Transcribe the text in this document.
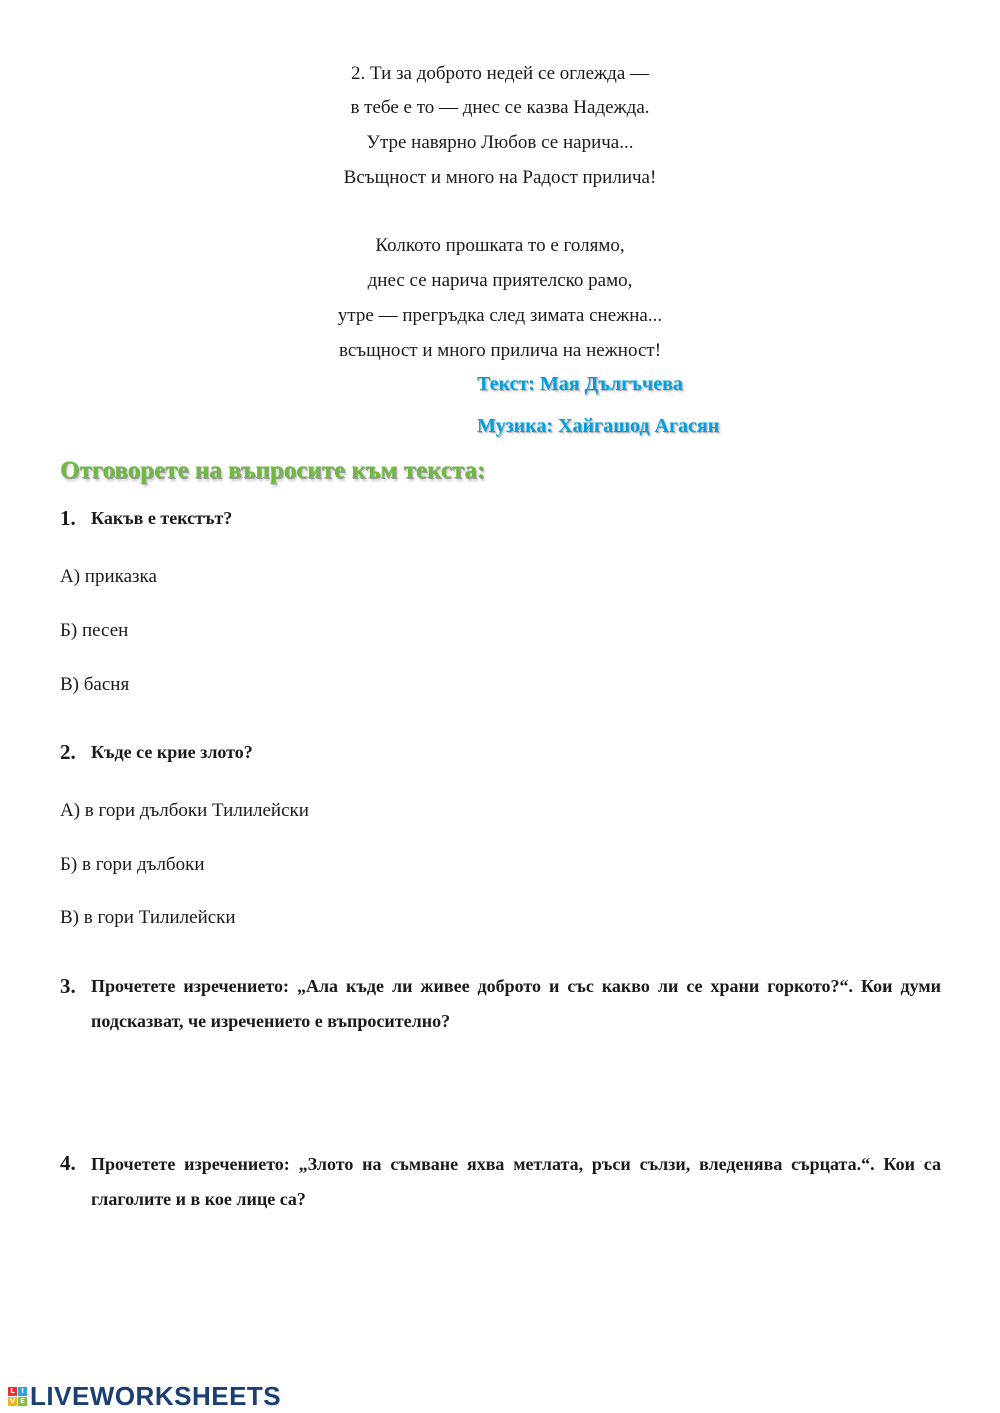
2. Ти за доброто недей се оглежда —
в тебе е то — днес се казва Надежда.
Утре навярно Любов се нарича...
Всъщност и много на Радост прилича!
Колкото прошката то е голямо,
днес се нарича приятелско рамо,
утре — прегръдка след зимата снежна...
всъщност и много прилича на нежност!
Текст: Мая Дългъчева
Музика: Хайгашод Агасян
Отговорете на въпросите към текста:
1. Какъв е текстът?
А) приказка
Б) песен
В) басня
2. Къде се крие злото?
А) в гори дълбоки Тилилейски
Б) в гори дълбоки
В) в гори Тилилейски
3. Прочетете изречението: „Ала къде ли живее доброто и със какво ли се храни горкото?“. Кои думи подсказват, че изречението е въпросително?
4. Прочетете изречението: „Злото на съмване яхва метлата, ръси сълзи, вледенява сърцата.“. Кои са глаголите и в кое лице са?
L I
V E LIVEWORKSHEETS
